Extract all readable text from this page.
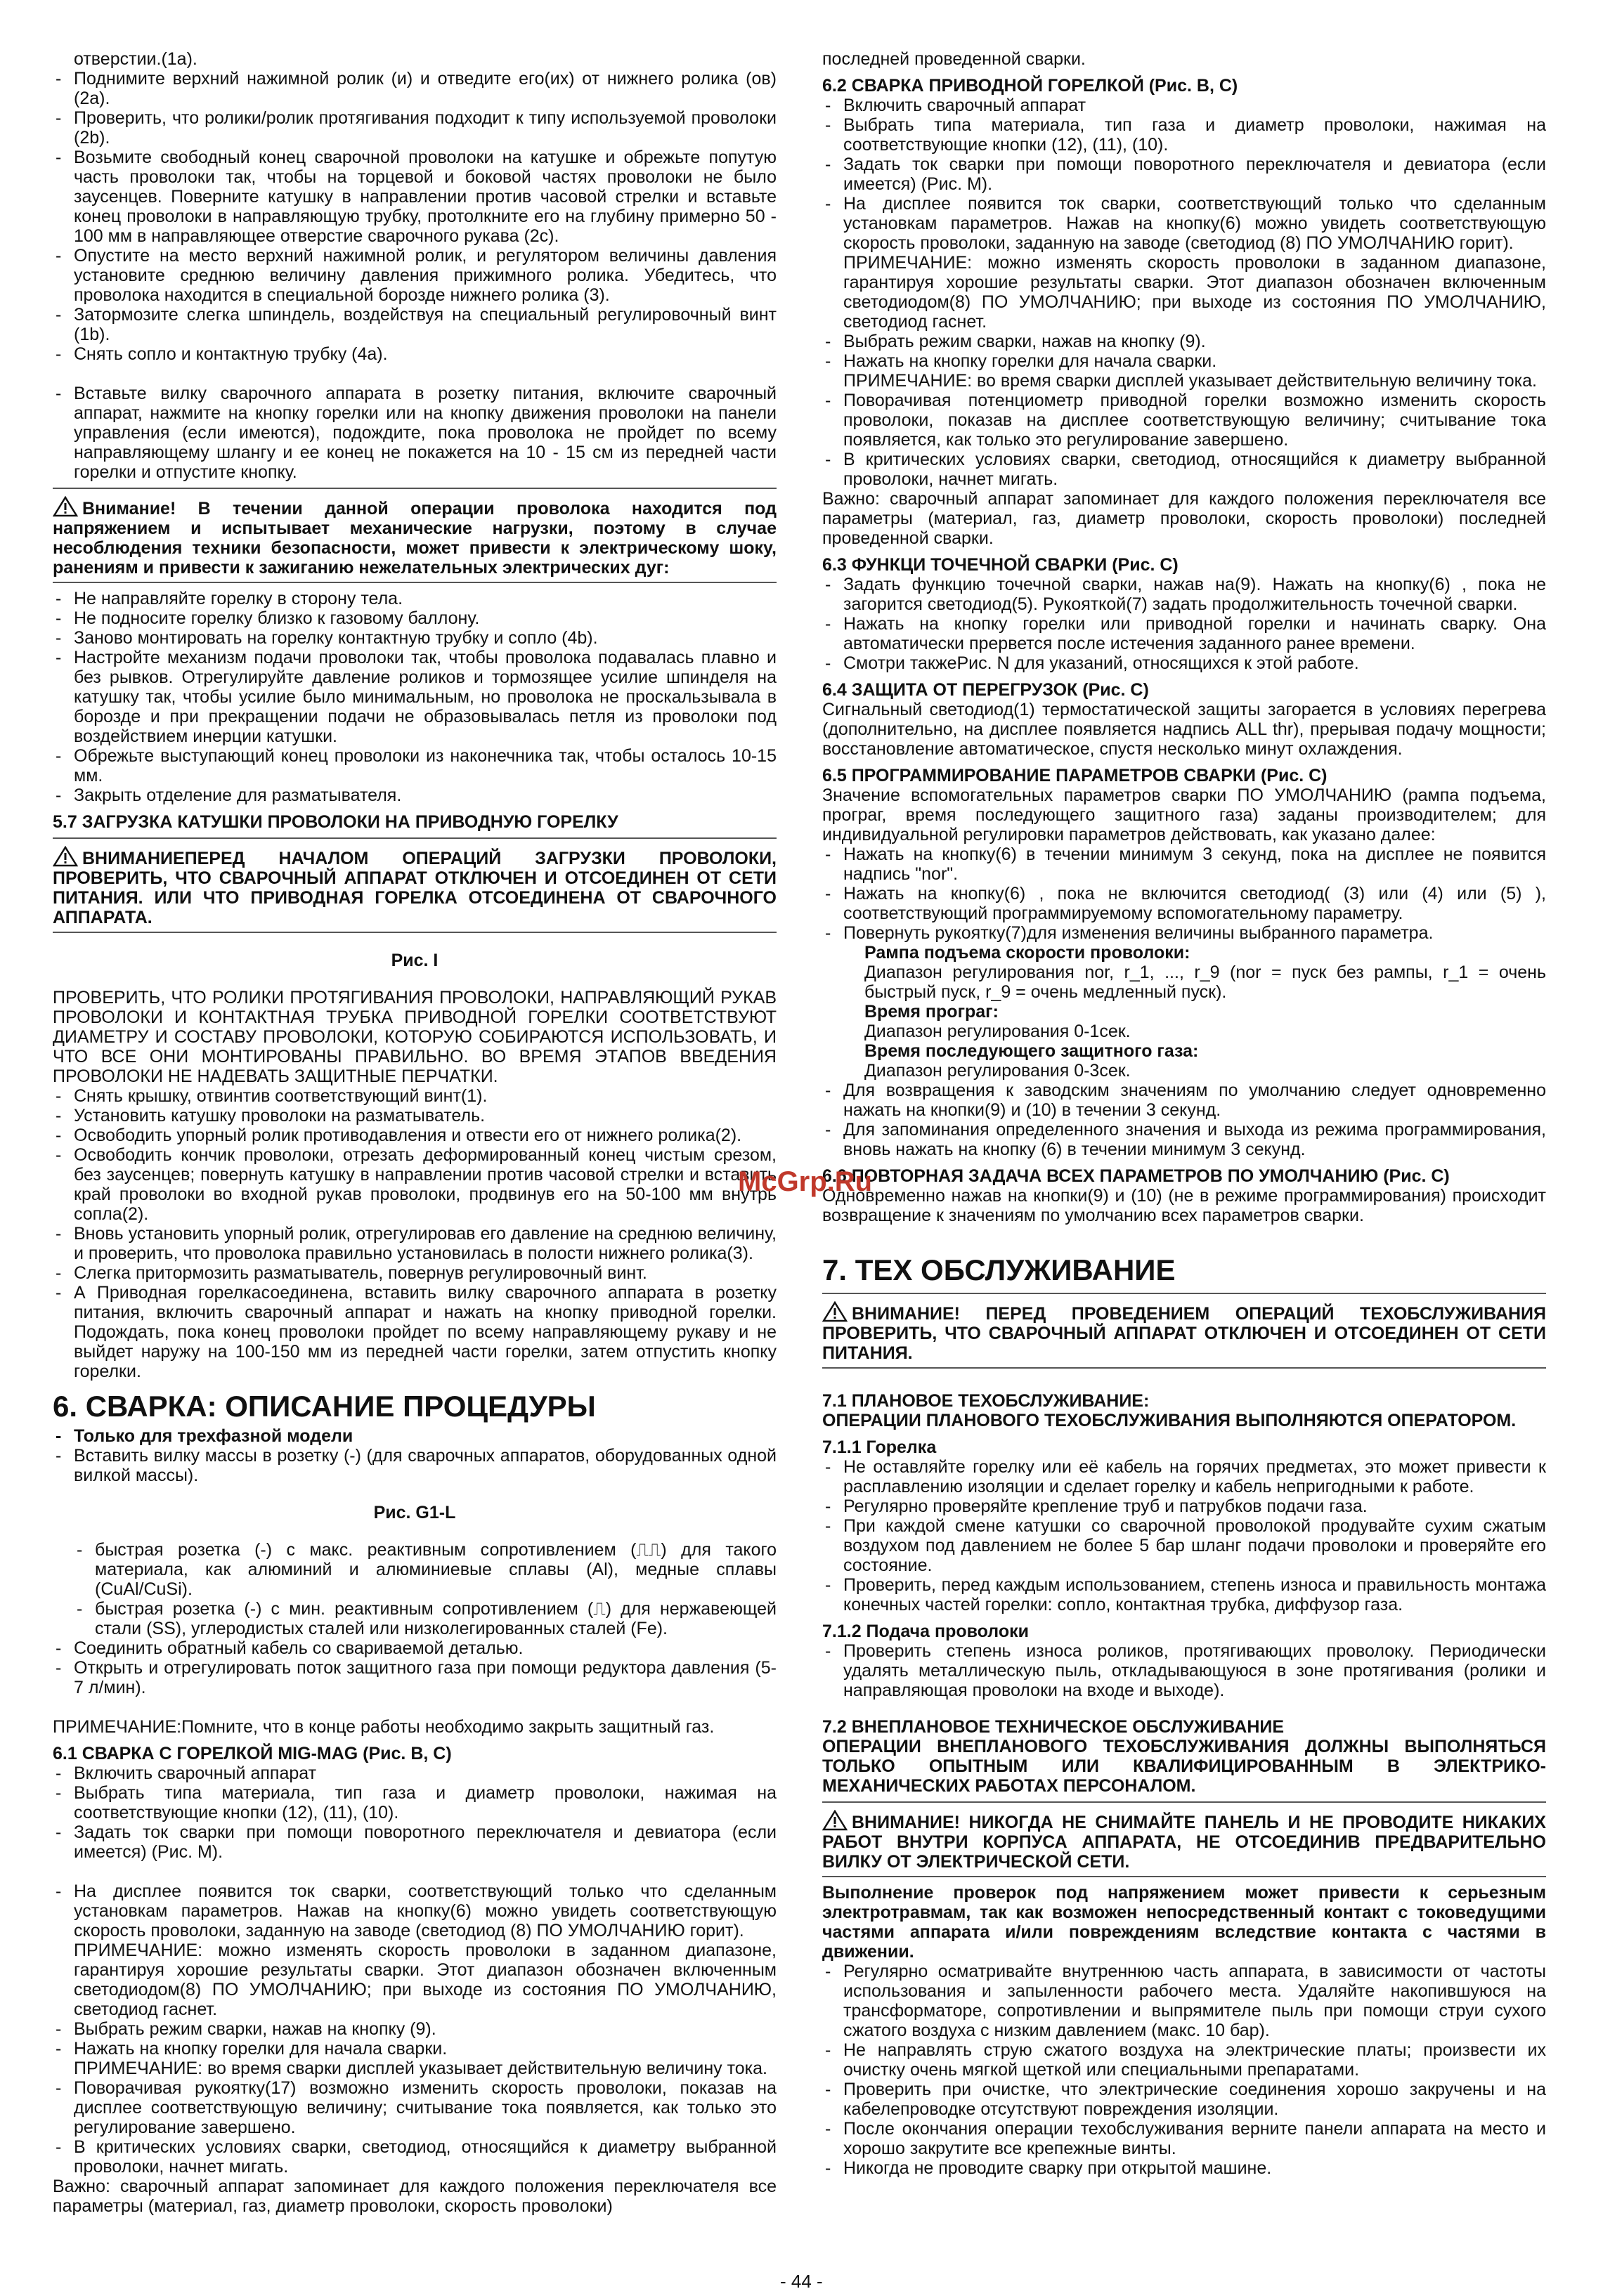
отверстии.(1a).

- Поднимите верхний нажимной ролик (и) и отведите его(их) от нижнего ролика (ов) (2a).

- Проверить, что ролики/ролик протягивания подходит к типу используемой проволоки (2b).

- Возьмите свободный конец сварочной проволоки на катушке и обрежьте попутую часть проволоки так, чтобы на торцевой и боковой частях проволоки не было заусенцев. Поверните катушку в направлении против часовой стрелки и вставьте конец проволоки в направляющую трубку, протолкните его на глубину примерно 50 - 100 мм в направляющее отверстие сварочного рукава (2c).

- Опустите на место верхний нажимной ролик, и регулятором величины давления установите среднюю величину давления прижимного ролика. Убедитесь, что проволока находится в специальной бороздe нижнего ролика (3).

- Затормозите слегка шпиндель, воздействуя на специальный регулировочный винт (1b).

- Снять сопло и контактную трубку (4a).

- Вставьте вилку сварочного аппарата в розетку питания, включите сварочный аппарат, нажмите на кнопку горелки или на кнопку движения проволоки на панели управления (если имеются), подождите, пока проволока не пройдет по всему направляющему шлангу и ее конец не покажется на 10 - 15 см из передней части горелки и отпустите кнопку.

Внимание! В течении данной операции проволока находится под напряжением и испытывает механические нагрузки, поэтому в случае несоблюдения техники безопасности, может привести к электрическому шоку, ранениям и привести к зажиганию нежелательных электрических дуг:

- Не направляйте горелку в сторону тела.

- Не подносите горелку близко к газовому баллону.

- Заново монтировать на горелку контактную трубку и сопло (4b).

- Настройте механизм подачи проволоки так, чтобы проволока подавалась плавно и без рывков. Отрегулируйте давление роликов и тормозящее усилие шпинделя на катушку так, чтобы усилие было минимальным, но проволока не проскальзывала в борозде и при прекращении подачи не образовывалась петля из проволоки под воздействием инерции катушки.

- Обрежьте выступающий конец проволоки из наконечника так, чтобы осталось 10-15 мм.

- Закрыть отделение для разматывателя.

5.7 ЗАГРУЗКА КАТУШКИ ПРОВОЛОКИ НА ПРИВОДНУЮ ГОРЕЛКУ
ВНИМАНИЕПЕРЕД НАЧАЛОМ ОПЕРАЦИЙ ЗАГРУЗКИ ПРОВОЛОКИ, ПРОВЕРИТЬ, ЧТО СВАРОЧНЫЙ АППАРАТ ОТКЛЮЧЕН И ОТСОЕДИНЕН ОТ СЕТИ ПИТАНИЯ. ИЛИ ЧТО ПРИВОДНАЯ ГОРЕЛКА ОТСОЕДИНЕНА ОТ СВАРОЧНОГО АППАРАТА.

Рис. I

ПРОВЕРИТЬ, ЧТО РОЛИКИ ПРОТЯГИВАНИЯ ПРОВОЛОКИ, НАПРАВЛЯЮЩИЙ РУКАВ ПРОВОЛОКИ И КОНТАКТНАЯ ТРУБКА ПРИВОДНОЙ ГОРЕЛКИ СООТВЕТСТВУЮТ ДИАМЕТРУ И СОСТАВУ ПРОВОЛОКИ, КОТОРУЮ СОБИРАЮТСЯ ИСПОЛЬЗОВАТЬ, И ЧТО ВСЕ ОНИ МОНТИРОВАНЫ ПРАВИЛЬНО. ВО ВРЕМЯ ЭТАПОВ ВВЕДЕНИЯ ПРОВОЛОКИ НЕ НАДЕВАТЬ ЗАЩИТНЫЕ ПЕРЧАТКИ.

- Снять крышку, отвинтив соответствующий винт(1).

- Установить катушку проволоки на разматыватель.

- Освободить упорный ролик противодавления и отвести его от нижнего ролика(2).

- Освободить кончик проволоки, отрезать деформированный конец чистым срезом, без заусенцев; повернуть катушку в направлении против часовой стрелки и вставить край проволоки во входной рукав проволоки, продвинув его на 50-100 мм внутрь сопла(2).

- Вновь установить упорный ролик, отрегулировав его давление на среднюю величину, и проверить, что проволока правильно установилась в полости нижнего ролика(3).

- Слегка притормозить разматыватель, повернув регулировочный винт.

- А Приводная горелкасоединена, вставить вилку сварочного аппарата в розетку питания, включить сварочный аппарат и нажать на кнопку приводной горелки. Подождать, пока конец проволоки пройдет по всему направляющему рукаву и не выйдет наружу на 100-150 мм из передней части горелки, затем отпустить кнопку горелки.

6. СВАРКА: ОПИСАНИЕ ПРОЦЕДУРЫ

- Только для трехфазной модели

- Вставить вилку массы в розетку (-) (для сварочных аппаратов, оборудованных одной вилкой массы).

Рис. G1-L

- быстрая розетка (-) с макс. реактивным сопротивлением (⎍⎍) для такого материала, как алюминий и алюминиевые сплавы (Al), медные сплавы (CuAl/CuSi).

- быстрая розетка (-) с мин. реактивным сопротивлением (⎍) для нержавеющей стали (SS), углеродистых сталей или низколегированных сталей (Fe).

- Соединить обратный кабель со свариваемой деталью.

- Открыть и отрегулировать поток защитного газа при помощи редуктора давления (5-7 л/мин).

ПРИМЕЧАНИЕ:Помните, что в конце работы необходимо закрыть защитный газ.

6.1 СВАРКА С ГОРЕЛКОЙ MIG-MAG (Рис. B, C)

- Включить сварочный аппарат

- Выбрать типа материала, тип газа и диаметр проволоки, нажимая на соответствующие кнопки (12), (11), (10).

- Задать ток сварки при помощи поворотного переключателя и девиатора (если имеется) (Рис. M).

- На дисплее появится ток сварки, соответствующий только что сделанным установкам параметров. Нажав на кнопку(6) можно увидеть соответствующую скорость проволоки, заданную на заводе (светодиод (8) ПО УМОЛЧАНИЮ горит).

ПРИМЕЧАНИЕ: можно изменять скорость проволоки в заданном диапазоне, гарантируя хорошие результаты сварки. Этот диапазон обозначен включенным светодиодом(8) ПО УМОЛЧАНИЮ; при выходе из состояния ПО УМОЛЧАНИЮ, светодиод гаснет.

- Выбрать режим сварки, нажав на кнопку (9).

- Нажать на кнопку горелки для начала сварки.

ПРИМЕЧАНИЕ: во время сварки дисплей указывает действительную величину тока.

- Поворачивая рукоятку(17) возможно изменить скорость проволоки, показав на дисплее соответствующую величину; считывание тока появляется, как только это регулирование завершено.

- В критических условиях сварки, светодиод, относящийся к диаметру выбранной проволоки, начнет мигать.

Важно: сварочный аппарат запоминает для каждого положения переключателя все параметры (материал, газ, диаметр проволоки, скорость проволоки)

последней проведенной сварки.

6.2 СВАРКА ПРИВОДНОЙ ГОРЕЛКОЙ (Рис. B, C)

- Включить сварочный аппарат

- Выбрать типа материала, тип газа и диаметр проволоки, нажимая на соответствующие кнопки (12), (11), (10).

- Задать ток сварки при помощи поворотного переключателя и девиатора (если имеется) (Рис. M).

- На дисплее появится ток сварки, соответствующий только что сделанным установкам параметров. Нажав на кнопку(6) можно увидеть соответствующую скорость проволоки, заданную на заводе (светодиод (8) ПО УМОЛЧАНИЮ горит).

ПРИМЕЧАНИЕ: можно изменять скорость проволоки в заданном диапазоне, гарантируя хорошие результаты сварки. Этот диапазон обозначен включенным светодиодом(8) ПО УМОЛЧАНИЮ; при выходе из состояния ПО УМОЛЧАНИЮ, светодиод гаснет.

- Выбрать режим сварки, нажав на кнопку (9).

- Нажать на кнопку горелки для начала сварки.

ПРИМЕЧАНИЕ: во время сварки дисплей указывает действительную величину тока.

- Поворачивая потенциометр приводной горелки возможно изменить скорость проволоки, показав на дисплее соответствующую величину; считывание тока появляется, как только это регулирование завершено.

- В критических условиях сварки, светодиод, относящийся к диаметру выбранной проволоки, начнет мигать.

Важно: сварочный аппарат запоминает для каждого положения переключателя все параметры (материал, газ, диаметр проволоки, скорость проволоки) последней проведенной сварки.

6.3 ФУНКЦИ ТОЧЕЧНОЙ СВАРКИ (Рис. C)

- Задать функцию точечной сварки, нажав на(9). Нажать на кнопку(6) , пока не загорится светодиод(5). Рукояткой(7) задать продолжительность точечной сварки.

- Нажать на кнопку горелки или приводной горелки и начинать сварку. Она автоматически прервется после истечения заданного ранее времени.

- Смотри такжеРис. N для указаний, относящихся к этой работе.

6.4 ЗАЩИТА ОТ ПЕРЕГРУЗОК (Рис. C)

Сигнальный светодиод(1) термостатической защиты загорается в условиях перегрева (дополнительно, на дисплее появляется надпись ALL thr), прерывая подачу мощности; восстановление автоматическое, спустя несколько минут охлаждения.

6.5 ПРОГРАММИРОВАНИЕ ПАРАМЕТРОВ СВАРКИ (Рис. C)

Значение вспомогательных параметров сварки ПО УМОЛЧАНИЮ (рампа подъема, програг, время последующего защитного газа) заданы производителем; для индивидуальной регулировки параметров действовать, как указано далее:

- Нажать на кнопку(6) в течении минимум 3 секунд, пока на дисплее не появится надпись "nor".

- Нажать на кнопку(6) , пока не включится светодиод( (3) или (4) или (5) ), соответствующий программируемому вспомогательному параметру.

- Повернуть рукоятку(7)для изменения величины выбранного параметра.

Рампа подъема скорости проволоки:

Диапазон регулирования nor, r_1, ..., r_9 (nor = пуск без рампы, r_1 = очень быстрый пуск, r_9 = очень медленный пуск).

Время програг:

Диапазон регулирования 0-1сек.

Время последующего защитного газа:

Диапазон регулирования 0-3сек.

- Для возвращения к заводским значениям по умолчанию следует одновременно нажать на кнопки(9) и (10) в течении 3 секунд.

- Для запоминания определенного значения и выхода из режима программирования, вновь нажать на кнопку (6) в течении минимум 3 секунд.

6.6 ПОВТОРНАЯ ЗАДАЧА ВСЕХ ПАРАМЕТРОВ ПО УМОЛЧАНИЮ (Рис. C)

Одновременно нажав на кнопки(9) и (10) (не в режиме программирования) происходит возвращение к значениям по умолчанию всех параметров сварки.

7. ТЕХ ОБСЛУЖИВАНИЕ
ВНИМАНИЕ! ПЕРЕД ПРОВЕДЕНИЕМ ОПЕРАЦИЙ ТЕХОБСЛУЖИВАНИЯ ПРОВЕРИТЬ, ЧТО СВАРОЧНЫЙ АППАРАТ ОТКЛЮЧЕН И ОТСОЕДИНЕН ОТ СЕТИ ПИТАНИЯ.
7.1 ПЛАНОВОЕ ТЕХОБСЛУЖИВАНИЕ:

ОПЕРАЦИИ ПЛАНОВОГО ТЕХОБСЛУЖИВАНИЯ ВЫПОЛНЯЮТСЯ ОПЕРАТОРОМ.

7.1.1 Горелка

- Не оставляйте горелку или её кабель на горячих предметах, это может привести к расплавлению изоляции и сделает горелку и кабель непригодными к работе.

- Регулярно проверяйте крепление труб и патрубков подачи газа.

- При каждой смене катушки со сварочной проволокой продувайте сухим сжатым воздухом под давлением не более 5 бар шланг подачи проволоки и проверяйте его состояние.

- Проверить, перед каждым использованием, степень износа и правильность монтажа конечных частей горелки: сопло, контактная трубка, диффузор газа.

7.1.2 Подача проволоки

- Проверить степень износа роликов, протягивающих проволоку. Периодически удалять металлическую пыль, откладывающуюся в зоне протягивания (ролики и направляющая проволоки на входе и выходе).

7.2 ВНЕПЛАНОВОЕ ТЕХНИЧЕСКОЕ ОБСЛУЖИВАНИЕ

ОПЕРАЦИИ ВНЕПЛАНОВОГО ТЕХОБСЛУЖИВАНИЯ ДОЛЖНЫ ВЫПОЛНЯТЬСЯ ТОЛЬКО ОПЫТНЫМ ИЛИ КВАЛИФИЦИРОВАННЫМ В ЭЛЕКТРИКО-МЕХАНИЧЕСКИХ РАБОТАХ ПЕРСОНАЛОМ.

ВНИМАНИЕ! НИКОГДА НЕ СНИМАЙТЕ ПАНЕЛЬ И НЕ ПРОВОДИТЕ НИКАКИХ РАБОТ ВНУТРИ КОРПУСА АППАРАТА, НЕ ОТСОЕДИНИВ ПРЕДВАРИТЕЛЬНО ВИЛКУ ОТ ЭЛЕКТРИЧЕСКОЙ СЕТИ.

Выполнение проверок под напряжением может привести к серьезным электротравмам, так как возможен непосредственный контакт с токоведущими частями аппарата и/или повреждениям вследствие контакта с частями в движении.

- Регулярно осматривайте внутреннюю часть аппарата, в зависимости от частоты использования и запыленности рабочего места. Удаляйте накопившуюся на трансформаторе, сопротивлении и выпрямителе пыль при помощи струи сухого сжатого воздуха с низким давлением (макс. 10 бар).

- Не направлять струю сжатого воздуха на электрические платы; произвести их очистку очень мягкой щеткой или специальными препаратами.

- Проверить при очистке, что электрические соединения хорошо закручены и на кабелепроводке отсутствуют повреждения изоляции.

- После окончания операции техобслуживания верните панели аппарата на место и хорошо закрутите все крепежные винты.

- Никогда не проводите сварку при открытой машине.

McGrp.Ru
- 44 -
